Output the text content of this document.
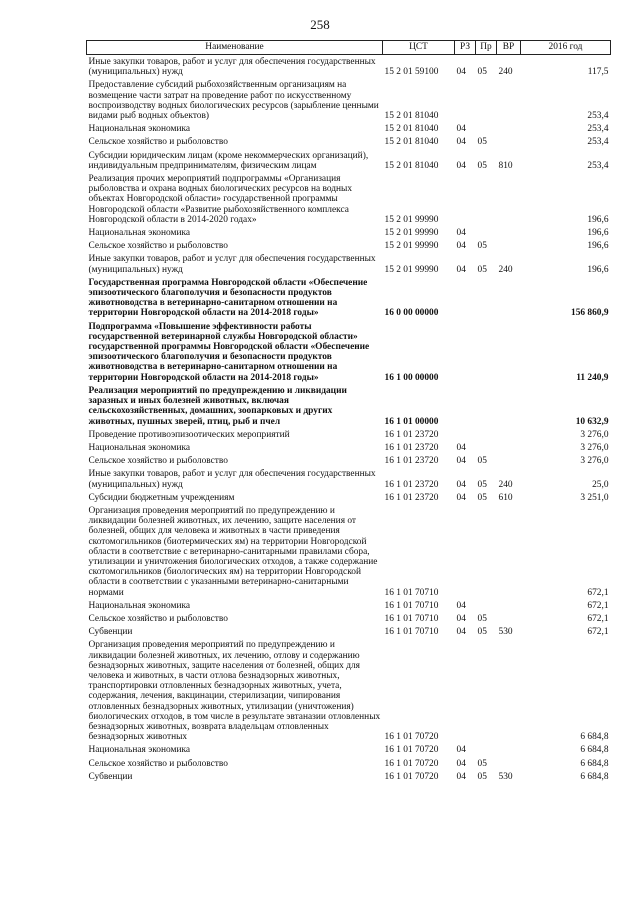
258
Наименование	ЦСТ	РЗ	Пр	ВР	2016 год
Иные закупки товаров, работ и услуг для обеспечения государственных (муниципальных) нужд	15 2 01 59100	04	05	240	117,5
Предоставление субсидий рыбохозяйственным организациям на возмещение части затрат на проведение работ по искусственному воспроизводству водных биологических ресурсов (зарыбление ценными видами рыб водных объектов)	15 2 01 81040				253,4
Национальная экономика	15 2 01 81040	04			253,4
Сельское хозяйство и рыболовство	15 2 01 81040	04	05		253,4
Субсидии юридическим лицам (кроме некоммерческих организаций), индивидуальным предпринимателям, физическим лицам	15 2 01 81040	04	05	810	253,4
Реализация прочих мероприятий подпрограммы «Организация рыболовства и охрана водных биологических ресурсов на водных объектах Новгородской области» государственной программы Новгородской области «Развитие рыбохозяйственного комплекса Новгородской области в 2014-2020 годах»	15 2 01 99990				196,6
Национальная экономика	15 2 01 99990	04			196,6
Сельское хозяйство и рыболовство	15 2 01 99990	04	05		196,6
Иные закупки товаров, работ и услуг для обеспечения государственных (муниципальных) нужд	15 2 01 99990	04	05	240	196,6
Государственная программа Новгородской области «Обеспечение эпизоотического благополучия и безопасности продуктов животноводства в ветеринарно-санитарном отношении на территории Новгородской области на 2014-2018 годы»	16 0 00 00000				156 860,9
Подпрограмма «Повышение эффективности работы государственной ветеринарной службы Новгородской области» государственной программы Новгородской области «Обеспечение эпизоотического благополучия и безопасности продуктов животноводства в ветеринарно-санитарном отношении на территории Новгородской области на 2014-2018 годы»	16 1 00 00000				11 240,9
Реализация мероприятий по предупреждению и ликвидации заразных и иных болезней животных, включая сельскохозяйственных, домашних, зоопарковых и других животных, пушных зверей, птиц, рыб и пчел	16 1 01 00000				10 632,9
Проведение противоэпизоотических мероприятий	16 1 01 23720				3 276,0
Национальная экономика	16 1 01 23720	04			3 276,0
Сельское хозяйство и рыболовство	16 1 01 23720	04	05		3 276,0
Иные закупки товаров, работ и услуг для обеспечения государственных (муниципальных) нужд	16 1 01 23720	04	05	240	25,0
Субсидии бюджетным учреждениям	16 1 01 23720	04	05	610	3 251,0
Организация проведения мероприятий по предупреждению и ликвидации болезней животных, их лечению, защите населения от болезней, общих для человека и животных в части приведения скотомогильников (биотермических ям) на территории Новгородской области в соответствие с ветеринарно-санитарными правилами сбора, утилизации и уничтожения биологических отходов, а также содержание скотомогильников (биологических ям) на территории Новгородской области в соответствии с указанными ветеринарно-санитарными нормами	16 1 01 70710				672,1
Национальная экономика	16 1 01 70710	04			672,1
Сельское хозяйство и рыболовство	16 1 01 70710	04	05		672,1
Субвенции	16 1 01 70710	04	05	530	672,1
Организация проведения мероприятий по предупреждению и ликвидации болезней животных, их лечению, отлову и содержанию безнадзорных животных, защите населения от болезней, общих для человека и животных, в части отлова безнадзорных животных, транспортировки отловленных безнадзорных животных, учета, содержания, лечения, вакцинации, стерилизации, чипирования отловленных безнадзорных животных, утилизации (уничтожения) биологических отходов, в том числе в результате эвтаназии отловленных безнадзорных животных, возврата владельцам отловленных безнадзорных животных	16 1 01 70720				6 684,8
Национальная экономика	16 1 01 70720	04			6 684,8
Сельское хозяйство и рыболовство	16 1 01 70720	04	05		6 684,8
Субвенции	16 1 01 70720	04	05	530	6 684,8
